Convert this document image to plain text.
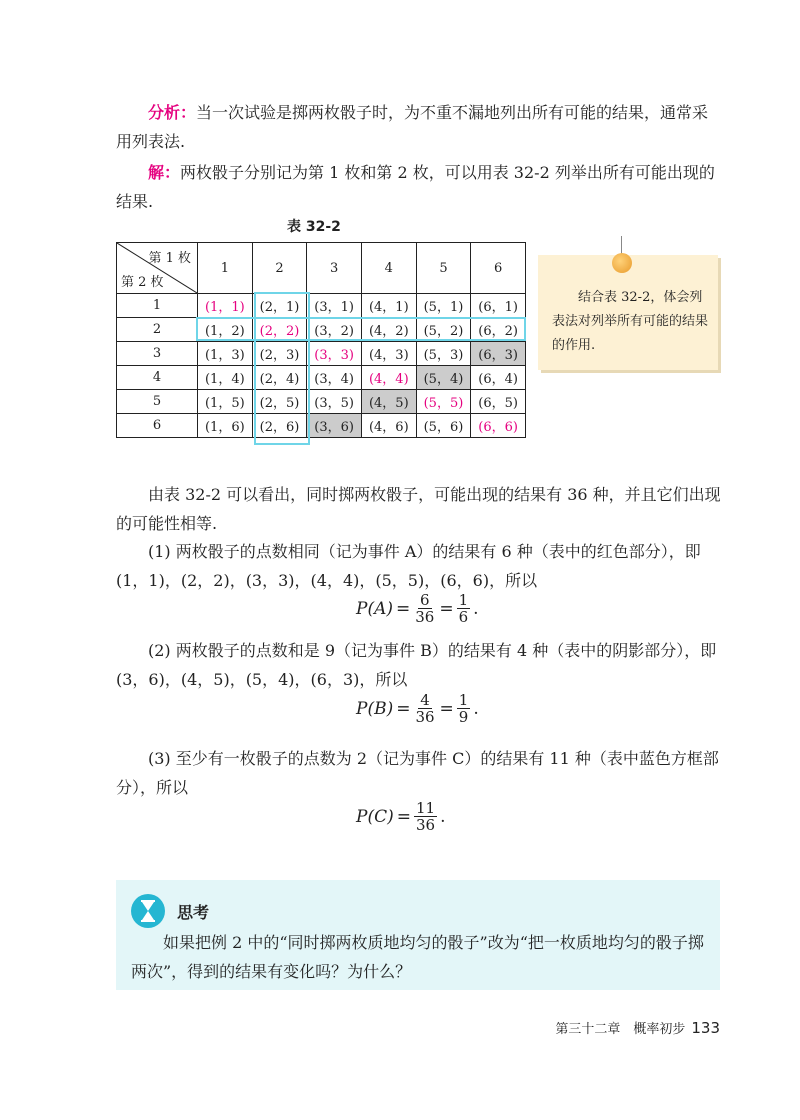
分析：当一次试验是掷两枚骰子时，为不重不漏地列出所有可能的结果，通常采用列表法.

解：两枚骰子分别记为第 1 枚和第 2 枚，可以用表 32-2 列举出所有可能出现的结果.

表 32-2
第 1 枚
第 2 枚	1	2	3	4	5	6
1	(1，1)	(2，1)	(3，1)	(4，1)	(5，1)	(6，1)
2	(1，2)	(2，2)	(3，2)	(4，2)	(5，2)	(6，2)
3	(1，3)	(2，3)	(3，3)	(4，3)	(5，3)	(6，3)
4	(1，4)	(2，4)	(3，4)	(4，4)	(5，4)	(6，4)
5	(1，5)	(2，5)	(3，5)	(4，5)	(5，5)	(6，5)
6	(1，6)	(2，6)	(3，6)	(4，6)	(5，6)	(6，6)

结合表 32-2，体会列表法对列举所有可能的结果的作用.

由表 32-2 可以看出，同时掷两枚骰子，可能出现的结果有 36 种，并且它们出现的可能性相等.

(1) 两枚骰子的点数相同（记为事件 A）的结果有 6 种（表中的红色部分），即 (1，1)，(2，2)，(3，3)，(4，4)，(5，5)，(6，6)，所以

$P(A) = \frac{6}{36} = \frac{1}{6}$ .

(2) 两枚骰子的点数和是 9（记为事件 B）的结果有 4 种（表中的阴影部分），即(3，6)，(4，5)，(5，4)，(6，3)，所以

$P(B) = \frac{4}{36} = \frac{1}{9}$ .

(3) 至少有一枚骰子的点数为 2（记为事件 C）的结果有 11 种（表中蓝色方框部分），所以

$P(C) = \frac{11}{36}$ .
思考

如果把例 2 中的“同时掷两枚质地均匀的骰子”改为“把一枚质地均匀的骰子掷两次”，得到的结果有变化吗？为什么？

第三十二章　概率初步 133
